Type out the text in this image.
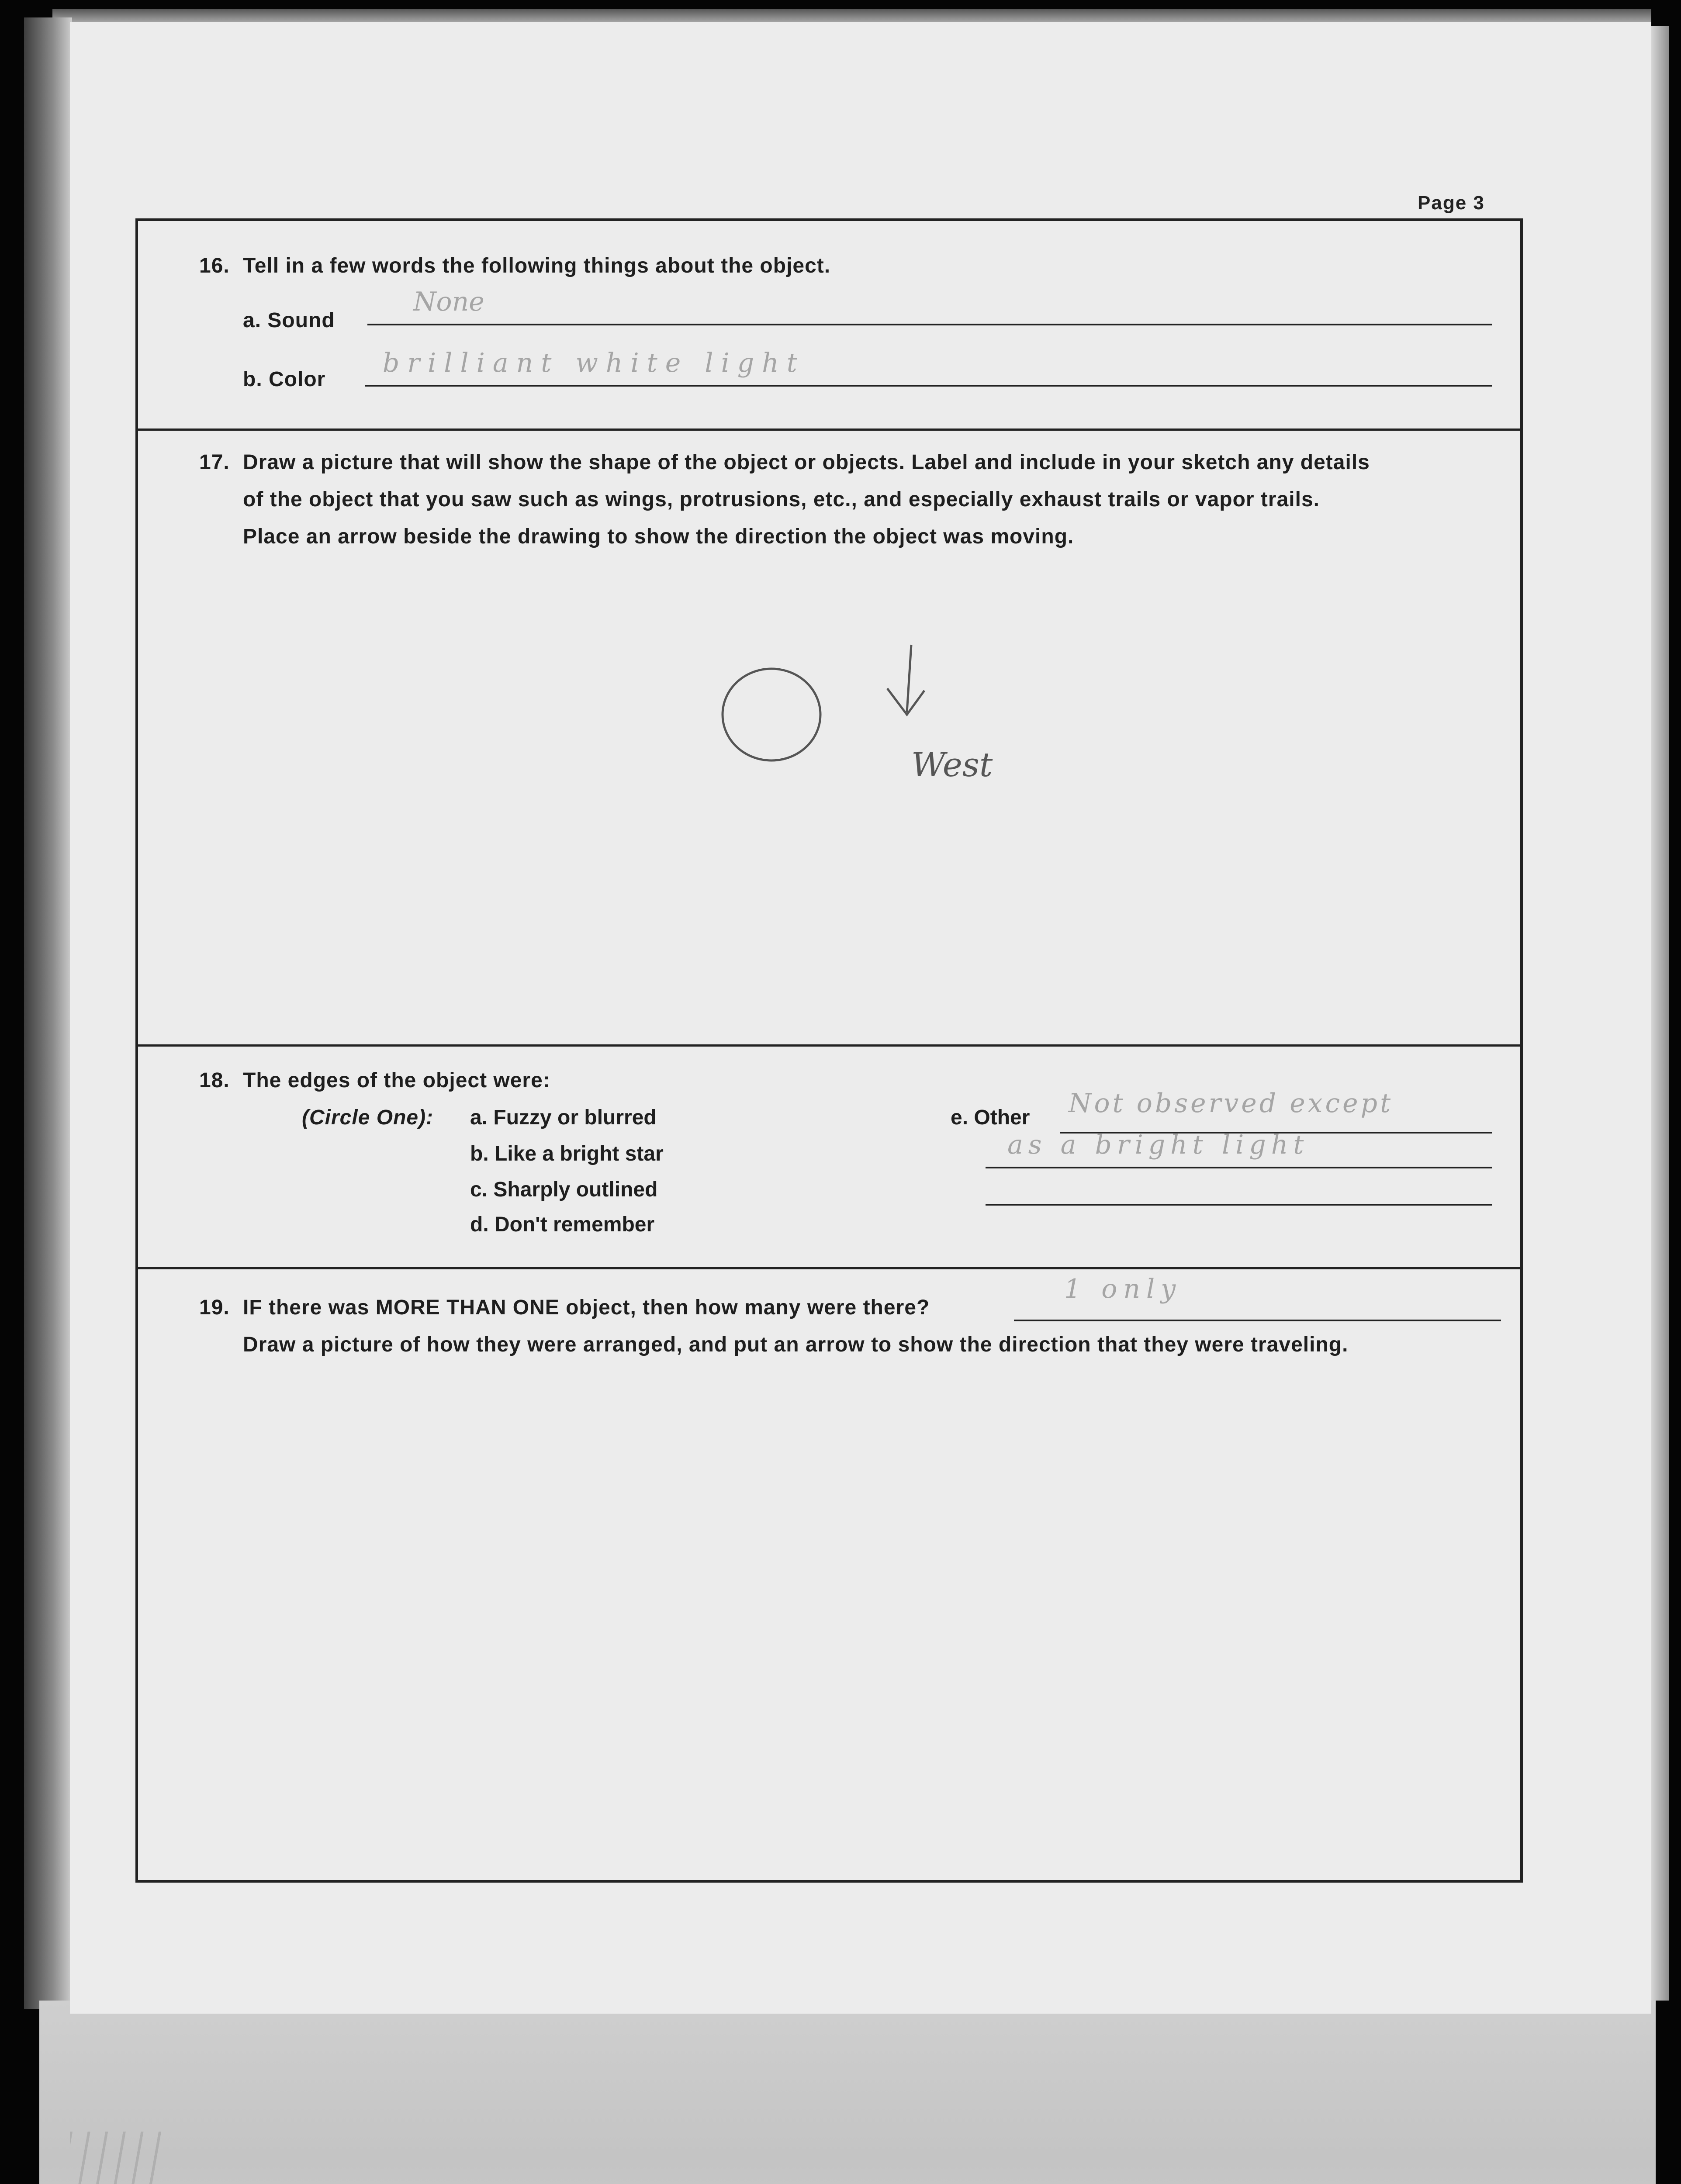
Page 3
16. Tell in a few words the following things about the object.
a. Sound
None
b. Color
brilliant white light
17. Draw a picture that will show the shape of the object or objects. Label and include in your sketch any details
of the object that you saw such as wings, protrusions, etc., and especially exhaust trails or vapor trails.
Place an arrow beside the drawing to show the direction the object was moving.
West
18. The edges of the object were:
(Circle One): a. Fuzzy or blurred
b. Like a bright star
c. Sharply outlined
d. Don't remember
e. Other Not observed except
as a bright light
19. IF there was MORE THAN ONE object, then how many were there?
1 only
Draw a picture of how they were arranged, and put an arrow to show the direction that they were traveling.
